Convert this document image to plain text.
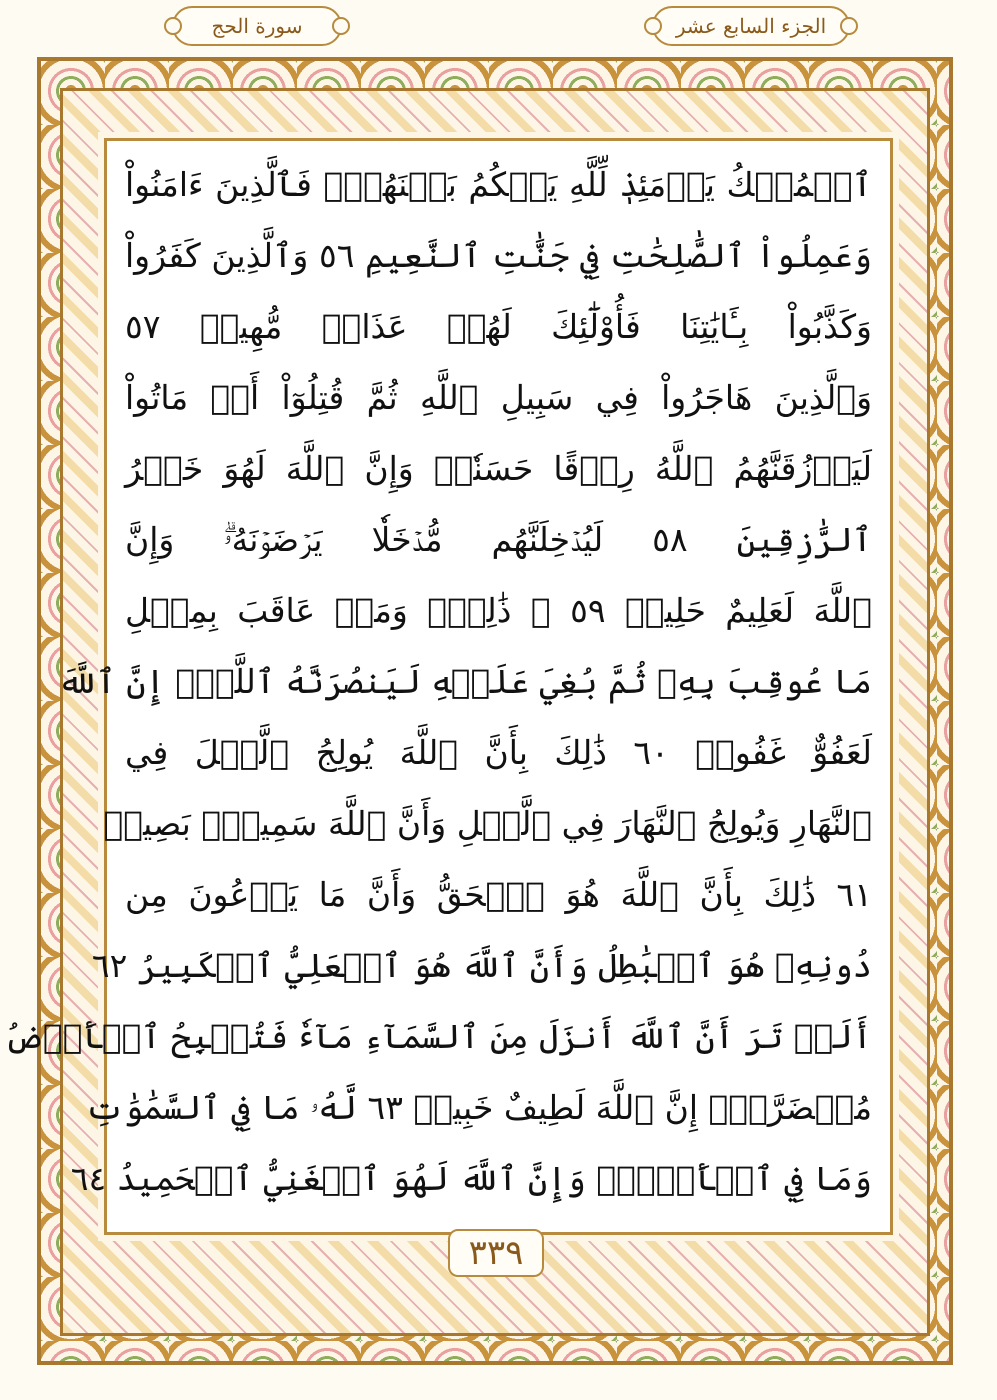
سورة الحج	الجزء السابع عشر
ٱلۡمُلۡكُ يَوۡمَئِذٖ لِّلَّهِ يَحۡكُمُ بَيۡنَهُمۡۚ فَٱلَّذِينَ ءَامَنُواْ
وَعَمِلُواْ ٱلصَّٰلِحَٰتِ فِي جَنَّٰتِ ٱلنَّعِيمِ ٥٦ وَٱلَّذِينَ كَفَرُواْ
وَكَذَّبُواْ بِـَٔايَٰتِنَا فَأُوْلَٰٓئِكَ لَهُمۡ عَذَابٞ مُّهِينٞ ٥٧
وَٱلَّذِينَ هَاجَرُواْ فِي سَبِيلِ ٱللَّهِ ثُمَّ قُتِلُوٓاْ أَوۡ مَاتُواْ
لَيَرۡزُقَنَّهُمُ ٱللَّهُ رِزۡقًا حَسَنٗاۚ وَإِنَّ ٱللَّهَ لَهُوَ خَيۡرُ
ٱلرَّٰزِقِينَ ٥٨ لَيُدۡخِلَنَّهُم مُّدۡخَلٗا يَرۡضَوۡنَهُۥۗ وَإِنَّ
ٱللَّهَ لَعَلِيمٌ حَلِيمٞ ٥٩ ۞ ذَٰلِكَۖ وَمَنۡ عَاقَبَ بِمِثۡلِ
مَا عُوقِبَ بِهِۦ ثُمَّ بُغِيَ عَلَيۡهِ لَيَنصُرَنَّهُ ٱللَّهُۚ إِنَّ ٱللَّهَ
لَعَفُوٌّ غَفُورٞ ٦٠ ذَٰلِكَ بِأَنَّ ٱللَّهَ يُولِجُ ٱلَّيۡلَ فِي
ٱلنَّهَارِ وَيُولِجُ ٱلنَّهَارَ فِي ٱلَّيۡلِ وَأَنَّ ٱللَّهَ سَمِيعُۢ بَصِيرٞ
٦١ ذَٰلِكَ بِأَنَّ ٱللَّهَ هُوَ ٱلۡحَقُّ وَأَنَّ مَا يَدۡعُونَ مِن
دُونِهِۦ هُوَ ٱلۡبَٰطِلُ وَأَنَّ ٱللَّهَ هُوَ ٱلۡعَلِيُّ ٱلۡكَبِيرُ ٦٢
أَلَمۡ تَرَ أَنَّ ٱللَّهَ أَنزَلَ مِنَ ٱلسَّمَآءِ مَآءٗ فَتُصۡبِحُ ٱلۡأَرۡضُ
مُخۡضَرَّةًۚ إِنَّ ٱللَّهَ لَطِيفٌ خَبِيرٞ ٦٣ لَّهُۥ مَا فِي ٱلسَّمَٰوَٰتِ
وَمَا فِي ٱلۡأَرۡضِۚ وَإِنَّ ٱللَّهَ لَهُوَ ٱلۡغَنِيُّ ٱلۡحَمِيدُ ٦٤
٣٣٩
